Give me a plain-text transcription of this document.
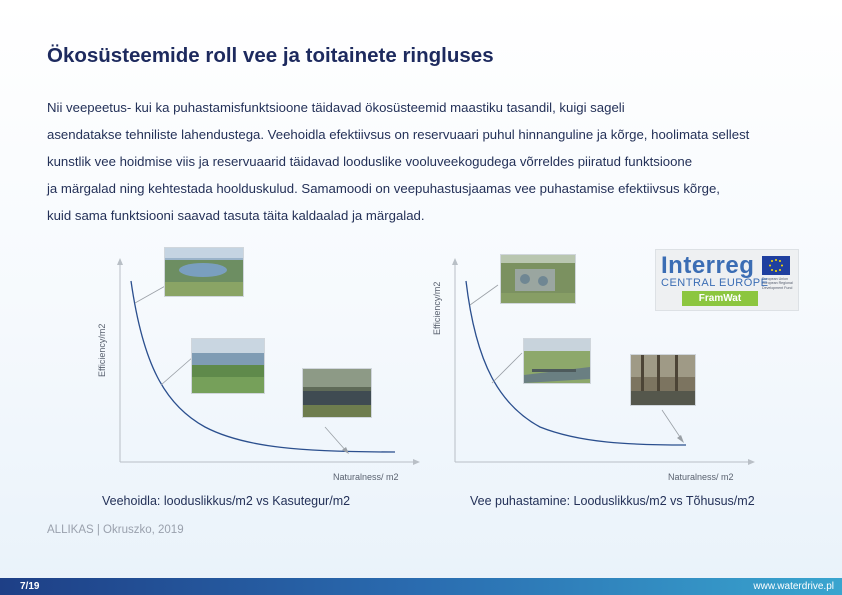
Ökosüsteemide roll vee ja toitainete ringluses
Nii veepeetus- kui ka puhastamisfunktsioone täidavad ökosüsteemid maastiku tasandil, kuigi sageli
asendatakse tehniliste lahendustega. Veehoidla efektiivsus on reservuaari puhul hinnanguline ja kõrge, hoolimata sellest
kunstlik vee hoidmise viis ja reservuaarid täidavad looduslike vooluveekogudega võrreldes piiratud funktsioone
ja märgalad ning kehtestada hoolduskulud. Samamoodi on veepuhastusjaamas vee puhastamise efektiivsus kõrge,
kuid sama funktsiooni saavad tasuta täita kaldaalad ja märgalad.
Efficiency/m2
Naturalness/ m2
Efficiency/m2
Naturalness/ m2
Interreg European Union European Regional Development Fund
CENTRAL EUROPE
FramWat
Veehoidla: looduslikkus/m2 vs Kasutegur/m2	Vee puhastamine: Looduslikkus/m2 vs Tõhusus/m2
ALLIKAS | Okruszko, 2019
7/19	www.waterdrive.pl
